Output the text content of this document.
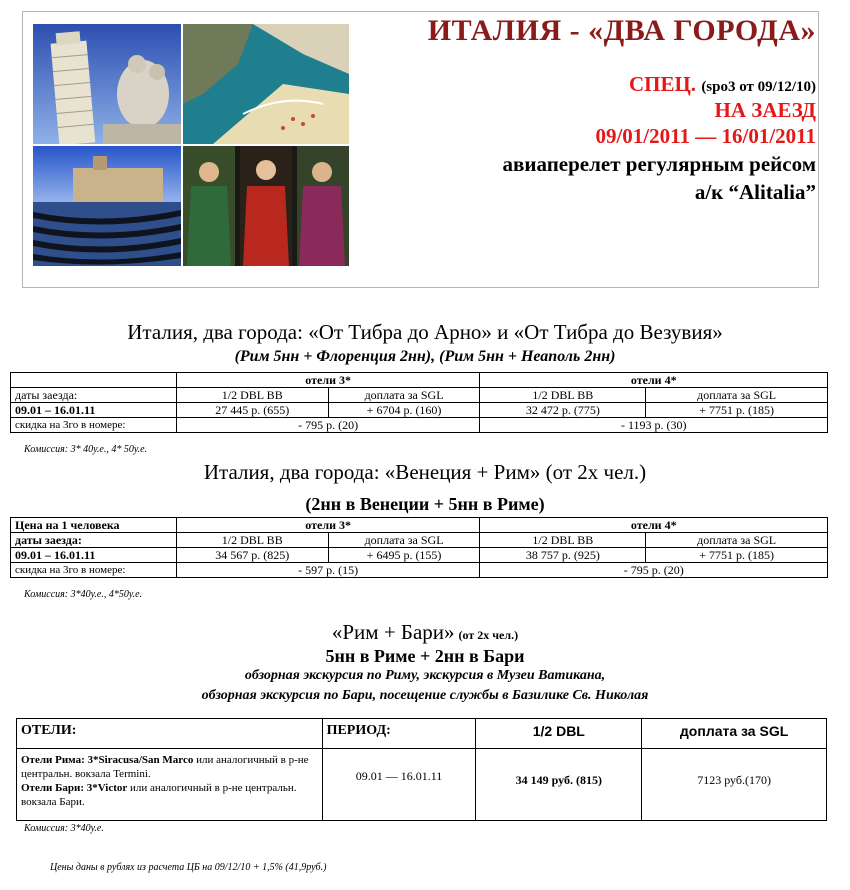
ИТАЛИЯ - «ДВА ГОРОДА»
СПЕЦ. (spo3 от 09/12/10)
НА ЗАЕЗД
09/01/2011 — 16/01/2011
авиаперелет регулярным рейсом
а/к “Alitalia”
Италия, два города: «От Тибра до Арно» и «От Тибра до Везувия»
(Рим 5нн + Флоренция 2нн), (Рим 5нн + Неаполь 2нн)
	отели 3*		отели 4*	
даты заезда:	1/2 DBL BB	доплата за SGL	1/2 DBL BB	доплата за SGL
09.01 – 16.01.11	27 445 р. (655)	+ 6704 р. (160)	32 472 р. (775)	+ 7751 р. (185)
скидка на 3го в номере:	- 795 р. (20)		- 1193 р. (30)	
Комиссия: 3* 40у.е., 4* 50у.е.
Италия, два города: «Венеция + Рим» (от 2х чел.)
(2нн в Венеции + 5нн в Риме)
Цена на 1 человека	отели 3*		отели 4*	
даты заезда:	1/2 DBL BB	доплата за SGL	1/2 DBL BB	доплата за SGL
09.01 – 16.01.11	34 567 р. (825)	+ 6495 р. (155)	38 757 р. (925)	+ 7751 р. (185)
скидка на 3го в номере:	- 597 р. (15)		- 795 р. (20)	
Комиссия: 3*40у.е., 4*50у.е.
«Рим + Бари» (от 2х чел.)
5нн в Риме + 2нн в Бари
обзорная экскурсия по Риму, экскурсия в Музеи Ватикана,
обзорная экскурсия по Бари, посещение службы в Базилике Св. Николая
ОТЕЛИ:	ПЕРИОД:	1/2 DBL	доплата за SGL
Отели Рима: 3*Siracusa/San Marco или аналогичный в р-не центральн. вокзала Termini.
Отели Бари: 3*Victor или аналогичный в р-не центральн. вокзала Бари.	09.01 — 16.01.11	34 149 руб. (815)	7123 руб.(170)
Комиссия: 3*40у.е.
Цены даны в рублях из расчета ЦБ на 09/12/10 + 1,5% (41,9руб.)
